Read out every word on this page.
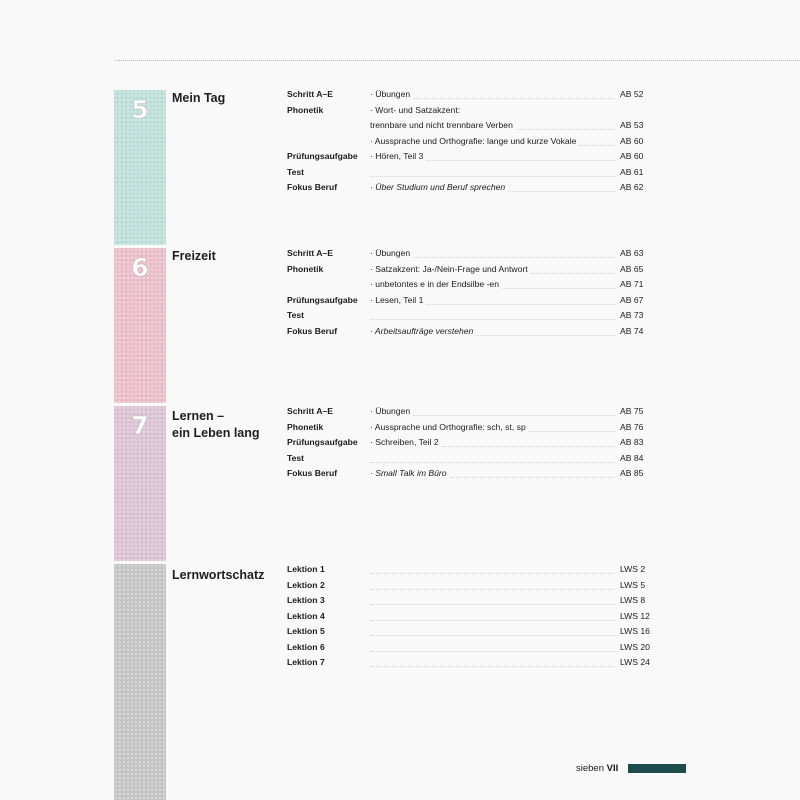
5	Mein Tag	Schritt A–E	· Übungen	AB 52
Phonetik	· Wort- und Satzakzent:
trennbare und nicht trennbare Verben	AB 53
· Aussprache und Orthografie: lange und kurze Vokale	AB 60
Prüfungsaufgabe · Hören, Teil 3	AB 60
Test	AB 61
Fokus Beruf	· Über Studium und Beruf sprechen	AB 62
6	Freizeit	Schritt A–E	· Übungen	AB 63
Phonetik	· Satzakzent: Ja-/Nein-Frage und Antwort	AB 65
· unbetontes e in der Endsilbe -en	AB 71
Prüfungsaufgabe · Lesen, Teil 1	AB 67
Test	AB 73
Fokus Beruf	· Arbeitsaufträge verstehen	AB 74
7	Lernen –
ein Leben lang
Schritt A–E	· Übungen	AB 75
Phonetik	· Aussprache und Orthografie: sch, st, sp	AB 76
Prüfungsaufgabe · Schreiben, Teil 2	AB 83
Test	AB 84
Fokus Beruf	· Small Talk im Büro	AB 85
Lernwortschatz	Lektion 1	LWS 2
Lektion 2	LWS 5
Lektion 3	LWS 8
Lektion 4	LWS 12
Lektion 5	LWS 16
Lektion 6	LWS 20
Lektion 7	LWS 24
sieben VII
